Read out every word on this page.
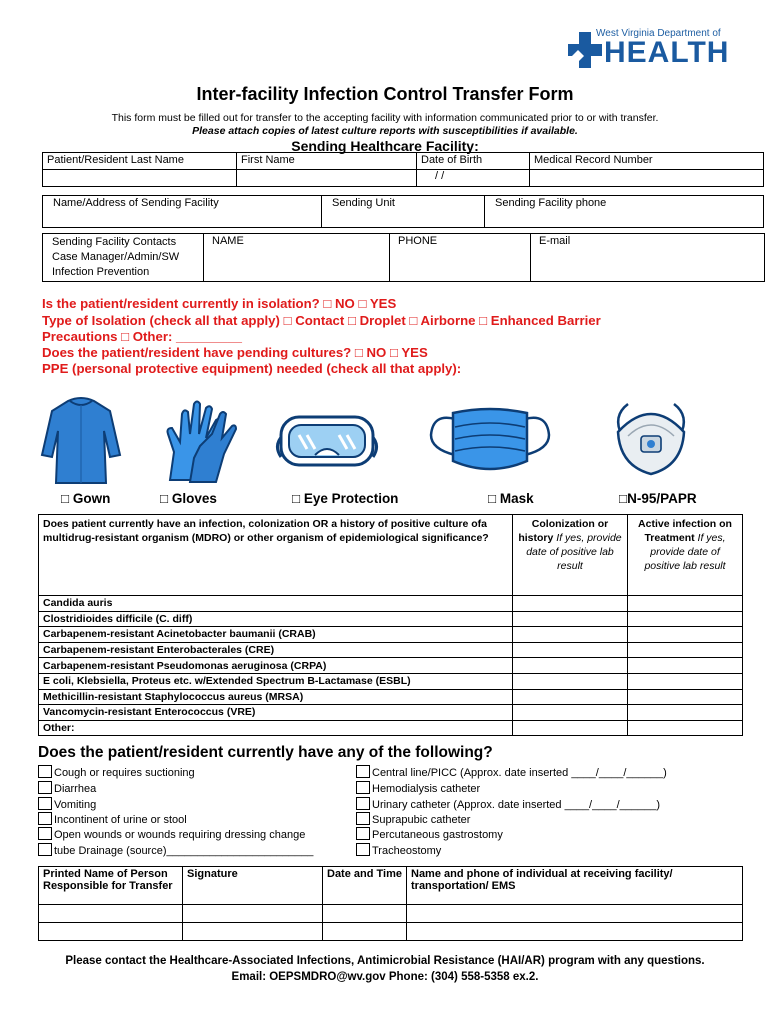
West Virginia Department of
HEALTH
Inter-facility Infection Control Transfer Form
This form must be filled out for transfer to the accepting facility with information communicated prior to or with transfer.
Please attach copies of latest culture reports with susceptibilities if available.
Sending Healthcare Facility:
Patient/Resident Last Name	First Name	Date of Birth	Medical Record Number
		/ /	
Name/Address of Sending Facility	Sending Unit	Sending Facility phone
Sending Facility Contacts
Case Manager/Admin/SW
Infection Prevention
	NAME	PHONE	E-mail
Is the patient/resident currently in isolation? □ NO □ YES
Type of Isolation (check all that apply) □ Contact □ Droplet □ Airborne □ Enhanced Barrier
Precautions □ Other: _________
Does the patient/resident have pending cultures? □ NO □ YES
PPE (personal protective equipment) needed (check all that apply):
□ Gown	□ Gloves	□ Eye Protection	□ Mask	□N-95/PAPR
Does patient currently have an infection, colonization OR a history of positive culture ofa multidrug-resistant organism (MDRO) or other organism of epidemiological significance?	Colonization or history If yes, provide date of positive lab result	Active infection on Treatment If yes, provide date of positive lab result
Candida auris		
Clostridioides difficile (C. diff)		
Carbapenem-resistant Acinetobacter baumanii (CRAB)		
Carbapenem-resistant Enterobacterales (CRE)		
Carbapenem-resistant Pseudomonas aeruginosa (CRPA)		
E coli, Klebsiella, Proteus etc. w/Extended Spectrum B-Lactamase (ESBL)		
Methicillin-resistant Staphylococcus aureus (MRSA)		
Vancomycin-resistant Enterococcus (VRE)		
Other:		
Does the patient/resident currently have any of the following?
Cough or requires suctioning
Diarrhea
Vomiting
Incontinent of urine or stool
Open wounds or wounds requiring dressing change
tube Drainage (source)________________________
Central line/PICC (Approx. date inserted ____/____/______)
Hemodialysis catheter
Urinary catheter (Approx. date inserted ____/____/______)
Suprapubic catheter
Percutaneous gastrostomy
Tracheostomy
Printed Name of Person Responsible for Transfer	Signature	Date and Time	Name and phone of individual at receiving facility/ transportation/ EMS

Please contact the Healthcare-Associated Infections, Antimicrobial Resistance (HAI/AR) program with any questions.
Email: OEPSMDRO@wv.gov Phone: (304) 558-5358 ex.2.
